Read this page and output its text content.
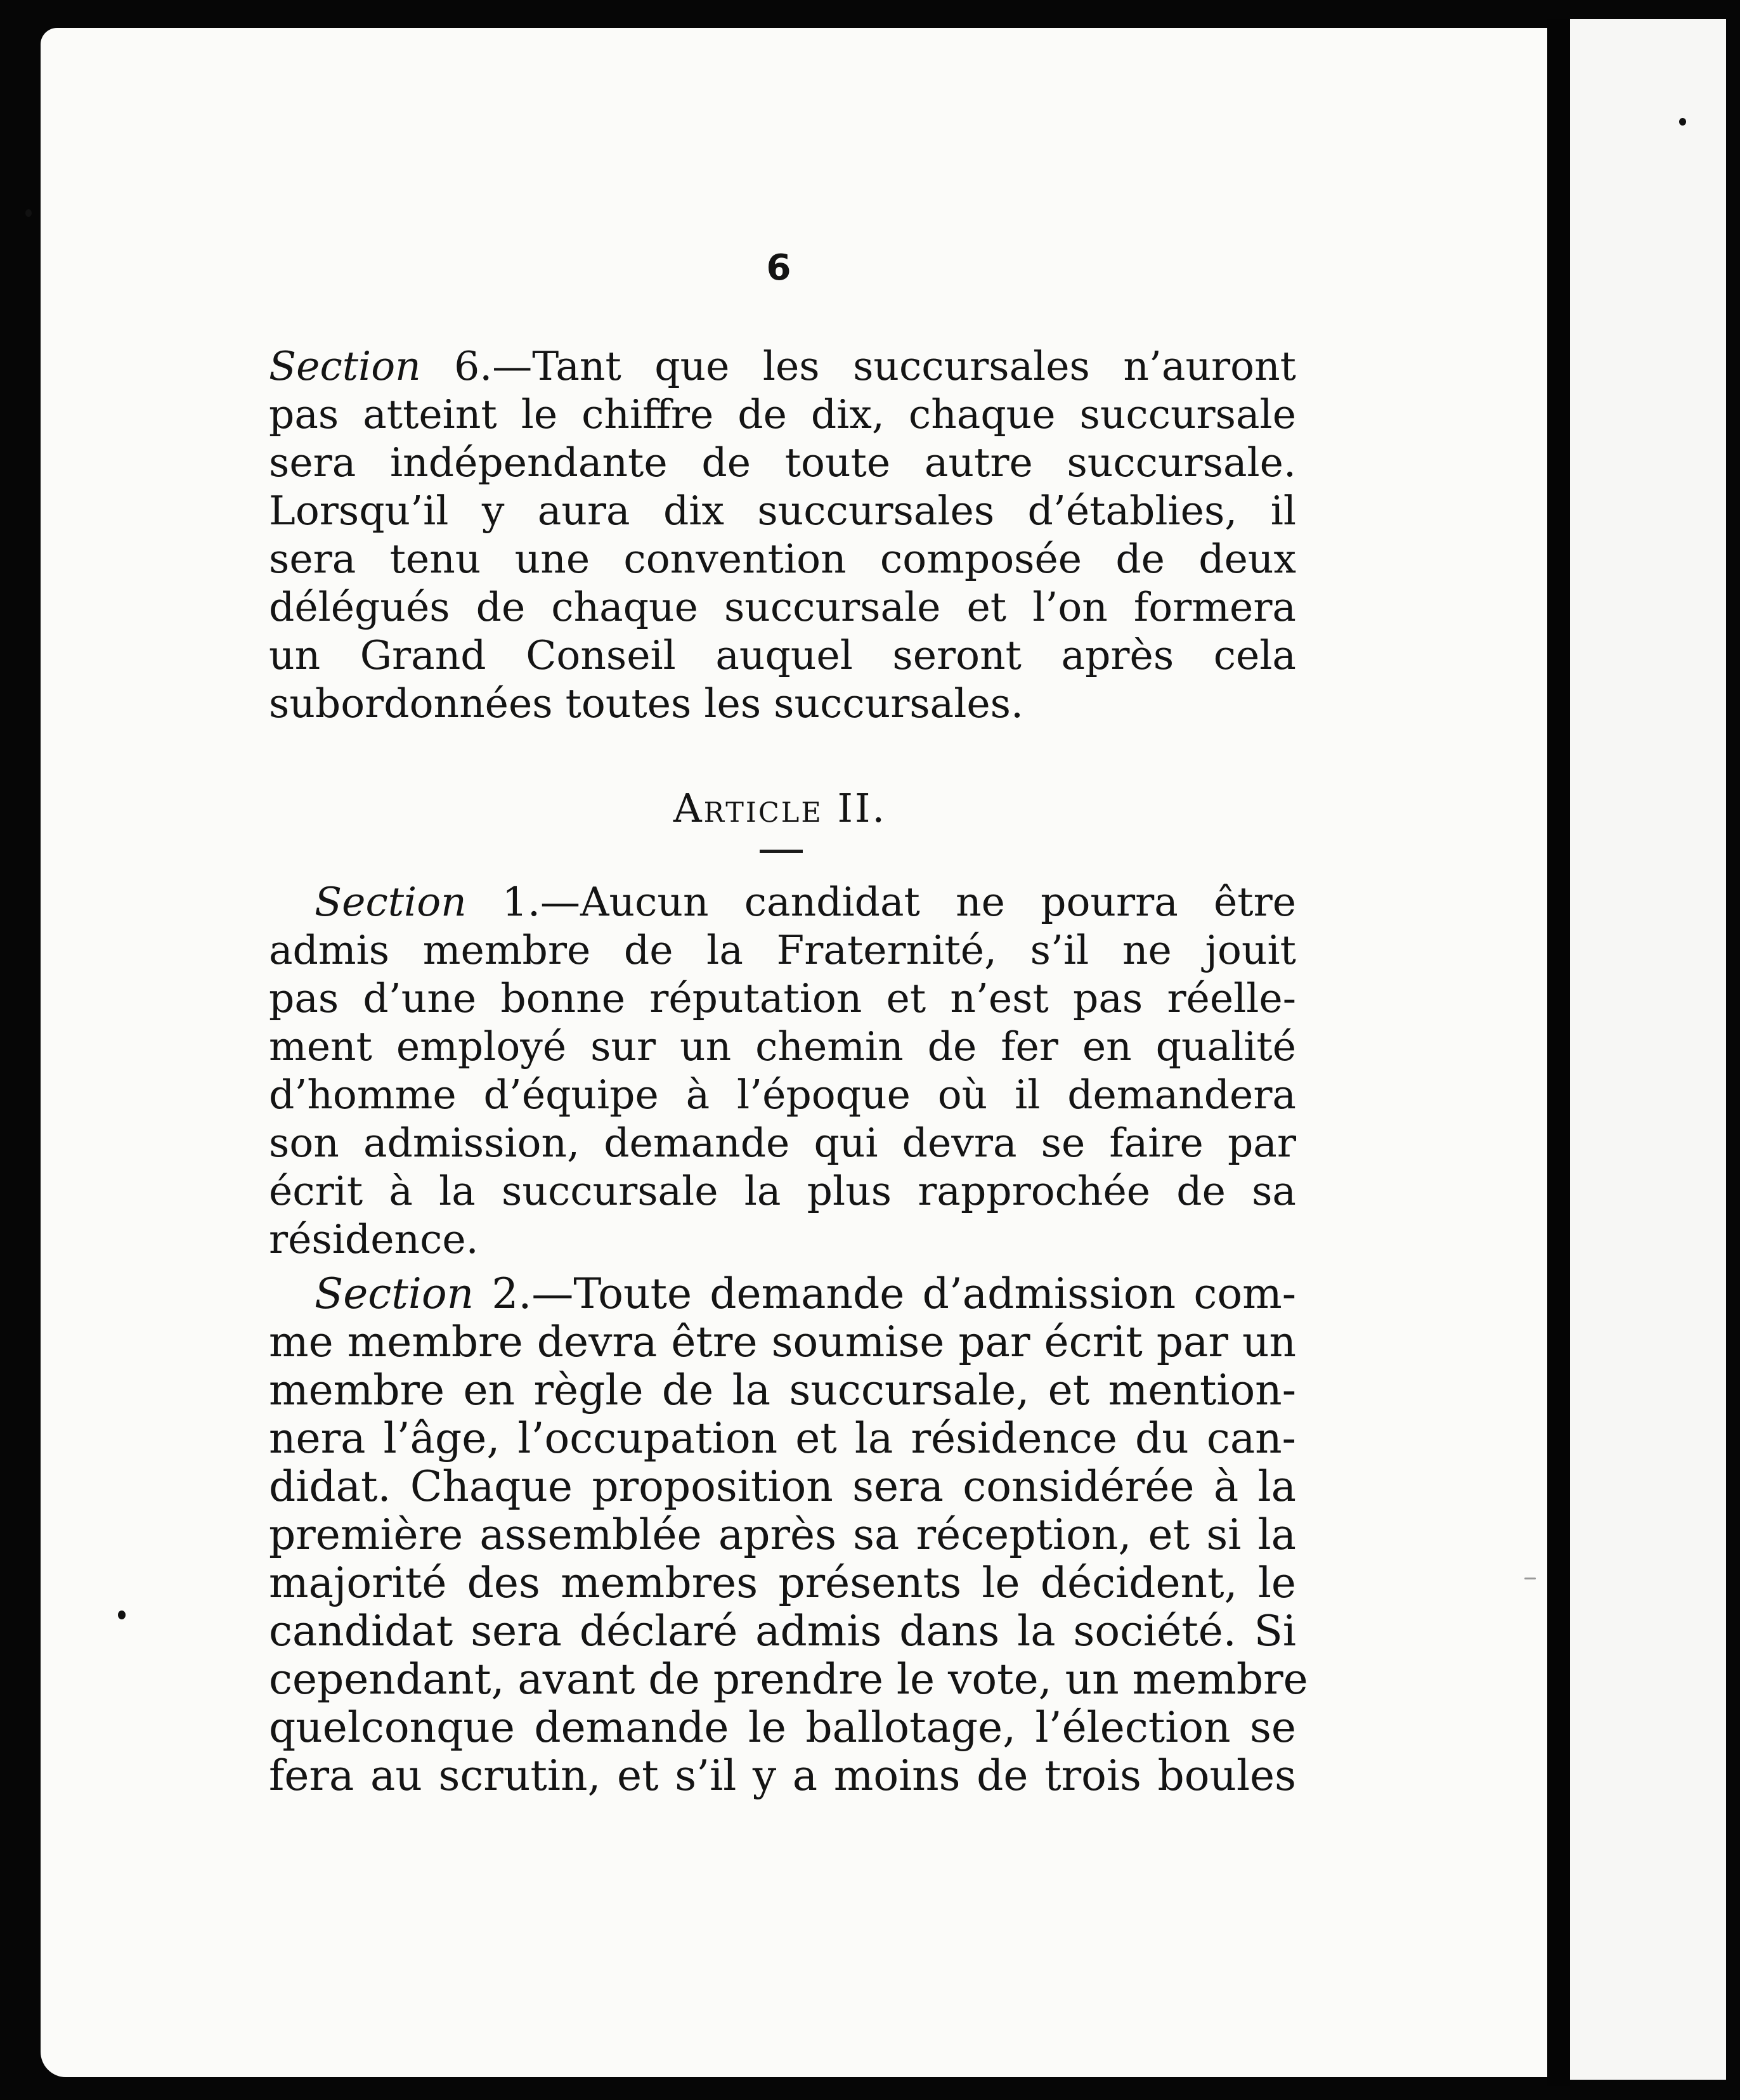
6
Section 6.—Tant que les succursales n’auront
pas atteint le chiffre de dix, chaque succursale
sera indépendante de toute autre succursale.
Lorsqu’il y aura dix succursales d’établies, il
sera tenu une convention composée de deux
délégués de chaque succursale et l’on formera
un Grand Conseil auquel seront après cela
subordonnées toutes les succursales.
Article II.
Section 1.—Aucun candidat ne pourra être
admis membre de la Fraternité, s’il ne jouit
pas d’une bonne réputation et n’est pas réelle-
ment employé sur un chemin de fer en qualité
d’homme d’équipe à l’époque où il demandera
son admission, demande qui devra se faire par
écrit à la succursale la plus rapprochée de sa
résidence.
Section 2.—Toute demande d’admission com-
me membre devra être soumise par écrit par un
membre en règle de la succursale, et mention-
nera l’âge, l’occupation et la résidence du can-
didat. Chaque proposition sera considérée à la
première assemblée après sa réception, et si la
majorité des membres présents le décident, le
candidat sera déclaré admis dans la société. Si
cependant, avant de prendre le vote, un membre
quelconque demande le ballotage, l’élection se
fera au scrutin, et s’il y a moins de trois boules
